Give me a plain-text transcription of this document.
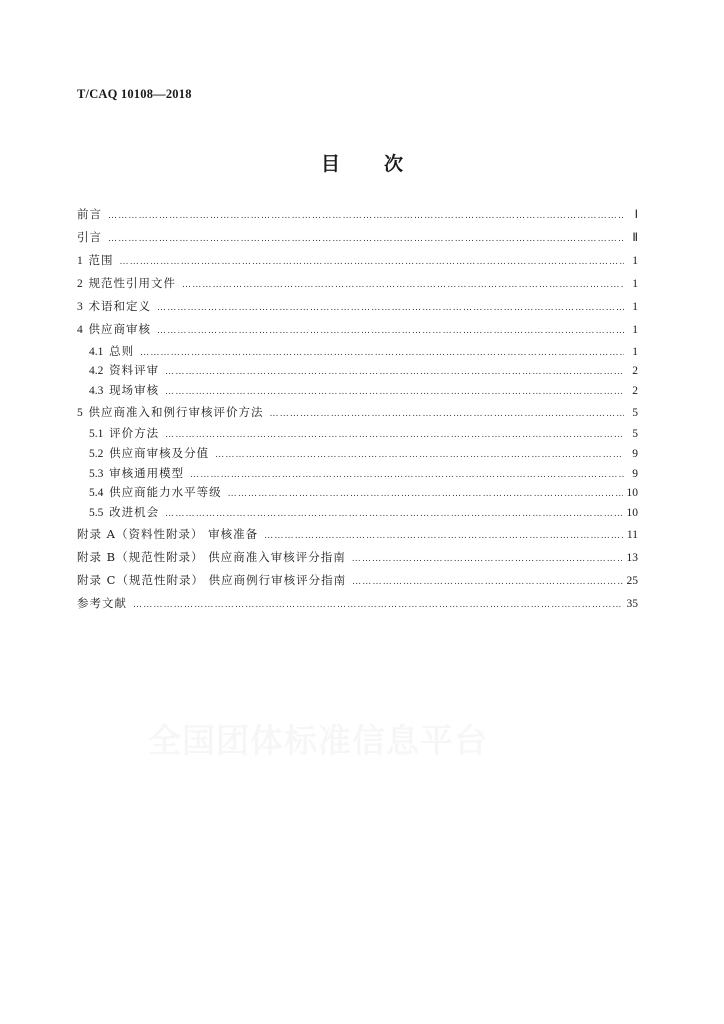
T/CAQ 10108—2018
目 次
前言 …………………………………………………………………………………………………………………………………………………………………………………………………………………………………………………………	Ⅰ
引言 …………………………………………………………………………………………………………………………………………………………………………………………………………………………………………………………	Ⅱ
1 范围 …………………………………………………………………………………………………………………………………………………………………………………………………………………………………………………………	1
2 规范性引用文件 …………………………………………………………………………………………………………………………………………………………………………………………………………………………………………………………	1
3 术语和定义 …………………………………………………………………………………………………………………………………………………………………………………………………………………………………………………………	1
4 供应商审核 …………………………………………………………………………………………………………………………………………………………………………………………………………………………………………………………	1
4.1 总则 …………………………………………………………………………………………………………………………………………………………………………………………………………………………………………………………	1
4.2 资料评审 …………………………………………………………………………………………………………………………………………………………………………………………………………………………………………………………	2
4.3 现场审核 …………………………………………………………………………………………………………………………………………………………………………………………………………………………………………………………	2
5 供应商准入和例行审核评价方法 …………………………………………………………………………………………………………………………………………………………………………………………………………………………………………………………	5
5.1 评价方法 …………………………………………………………………………………………………………………………………………………………………………………………………………………………………………………………	5
5.2 供应商审核及分值 …………………………………………………………………………………………………………………………………………………………………………………………………………………………………………………………	9
5.3 审核通用模型 …………………………………………………………………………………………………………………………………………………………………………………………………………………………………………………………	9
5.4 供应商能力水平等级 …………………………………………………………………………………………………………………………………………………………………………………………………………………………………………………………	10
5.5 改进机会 …………………………………………………………………………………………………………………………………………………………………………………………………………………………………………………………	10
附录 A（资料性附录） 审核准备 …………………………………………………………………………………………………………………………………………………………………………………………………………………………………………………………	11
附录 B（规范性附录） 供应商准入审核评分指南 …………………………………………………………………………………………………………………………………………………………………………………………………………………………………………………………	13
附录 C（规范性附录） 供应商例行审核评分指南 …………………………………………………………………………………………………………………………………………………………………………………………………………………………………………………………	25
参考文献 …………………………………………………………………………………………………………………………………………………………………………………………………………………………………………………………	35
